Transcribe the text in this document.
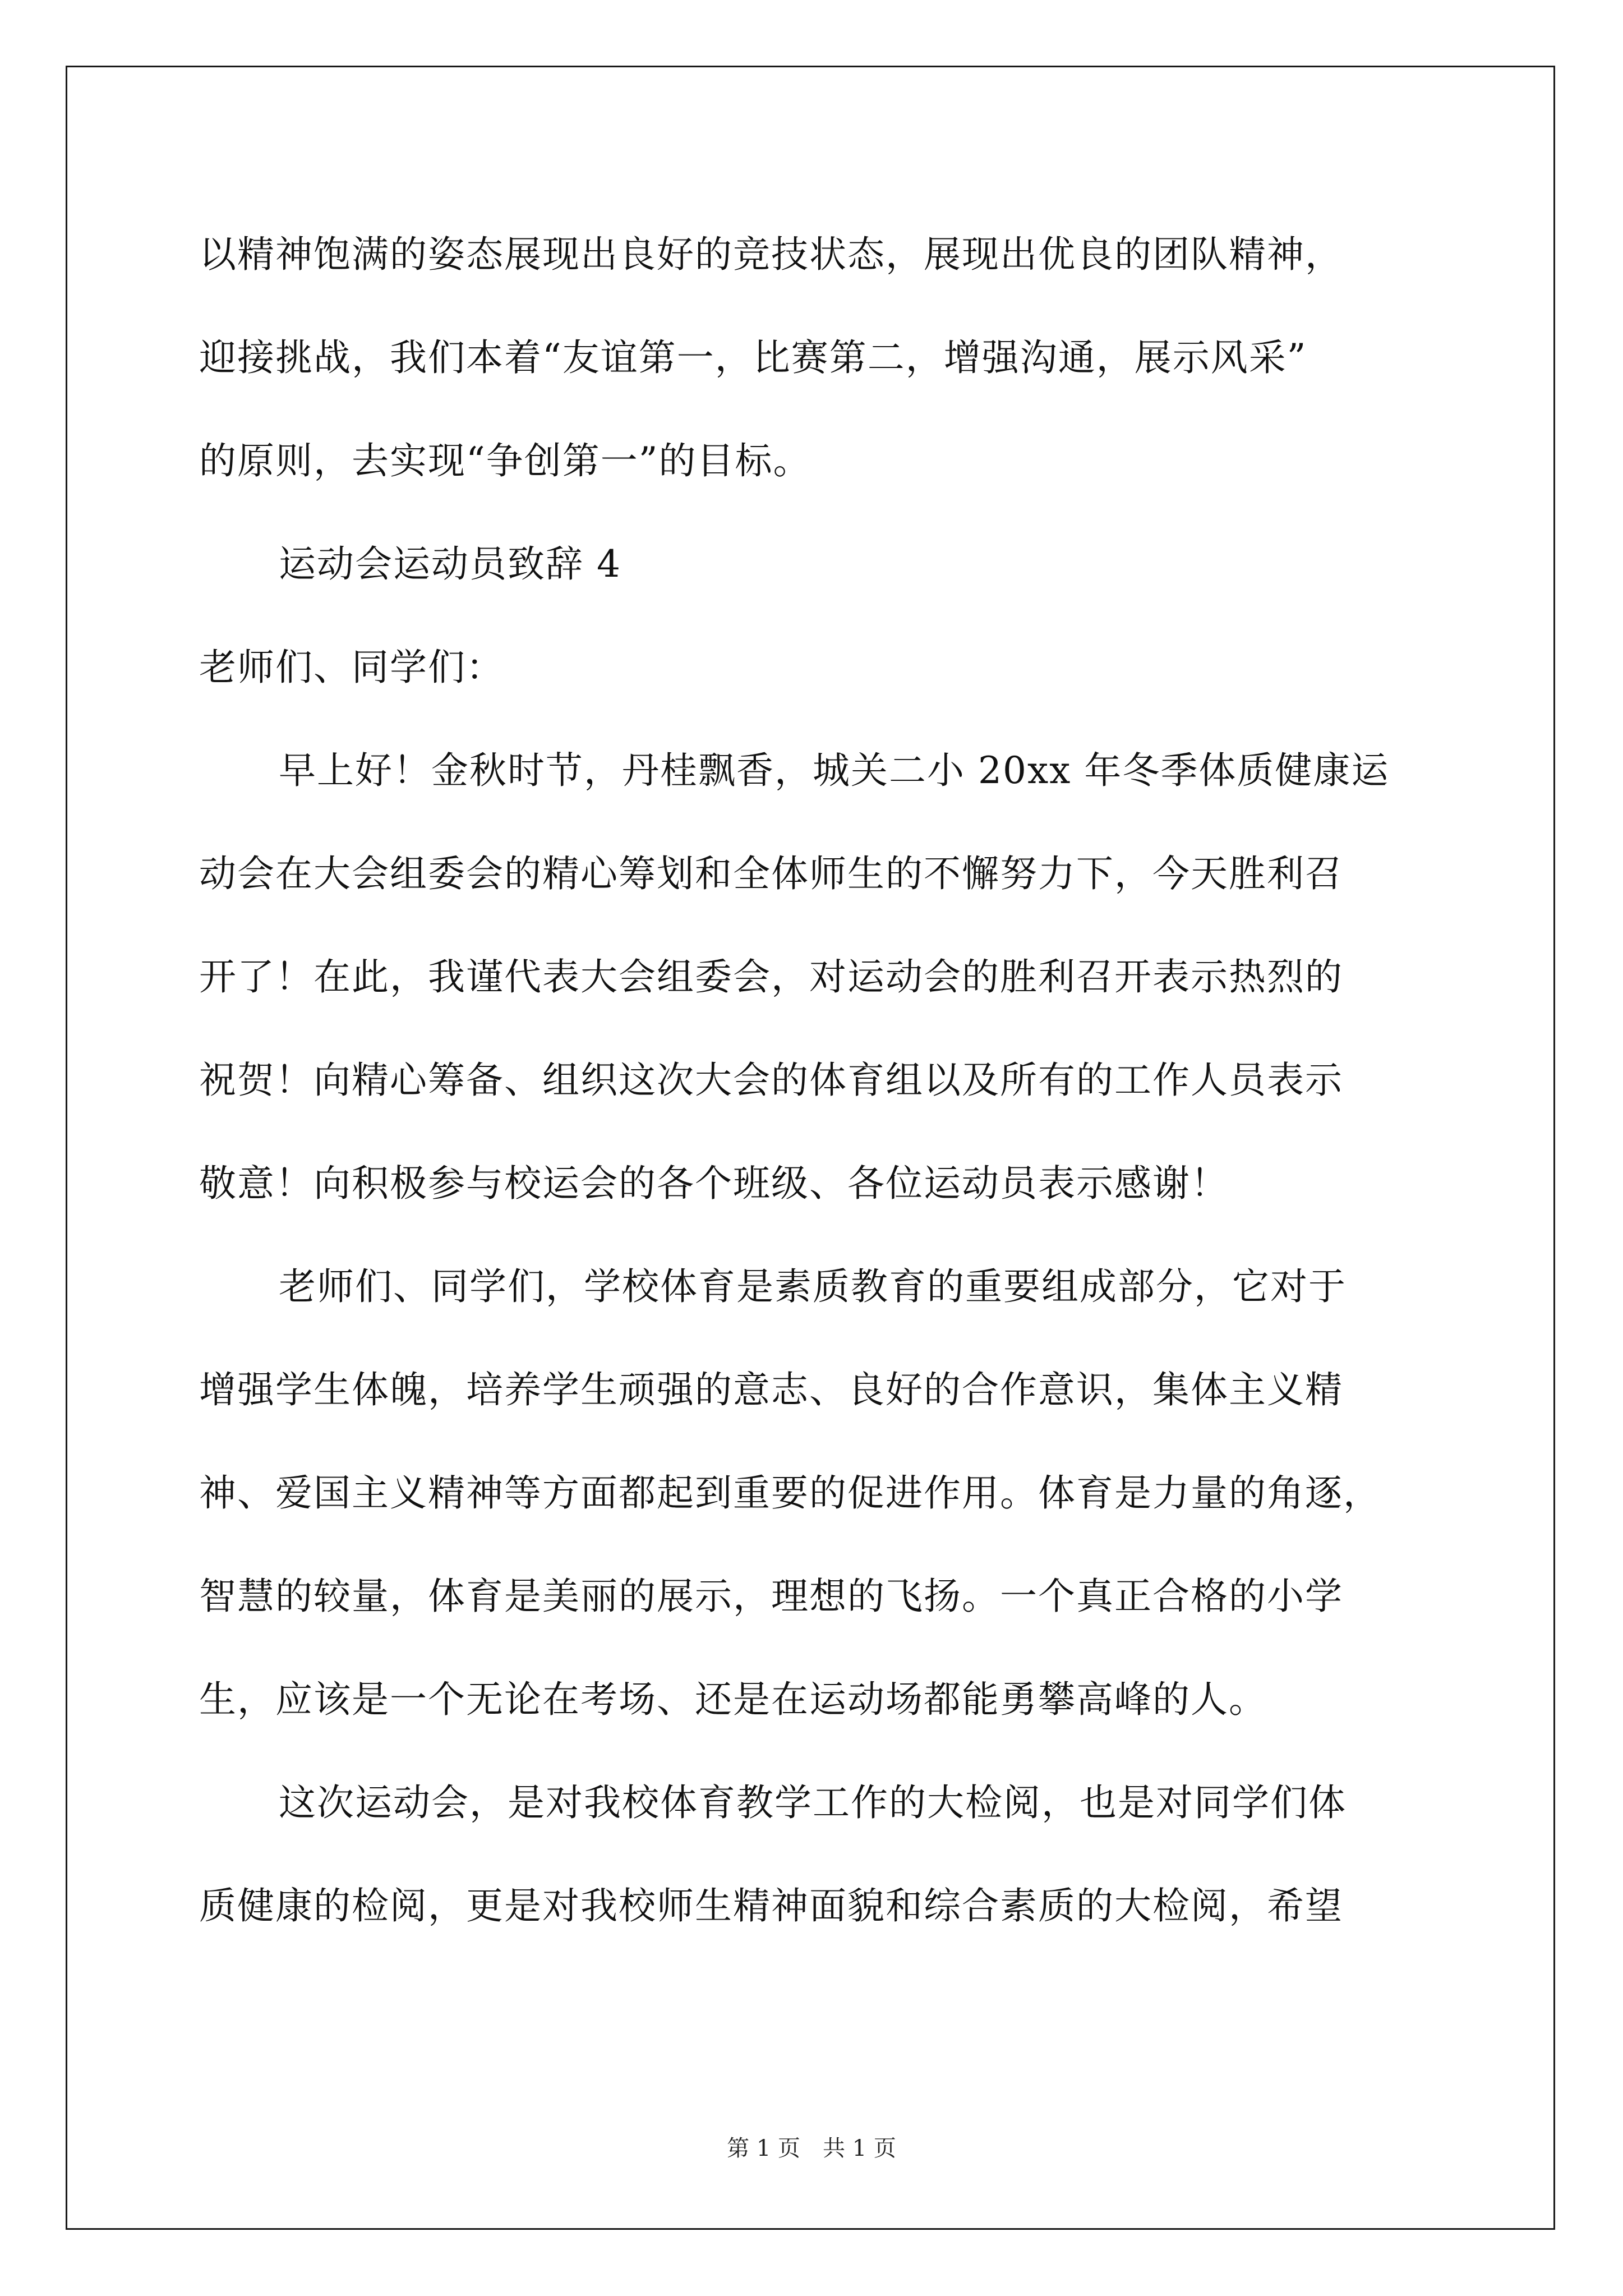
以精神饱满的姿态展现出良好的竞技状态，展现出优良的团队精神，
迎接挑战，我们本着“友谊第一，比赛第二，增强沟通，展示风采”
的原则，去实现“争创第一”的目标。
运动会运动员致辞 4
老师们、同学们：
早上好！金秋时节，丹桂飘香，城关二小 20xx 年冬季体质健康运
动会在大会组委会的精心筹划和全体师生的不懈努力下，今天胜利召
开了！在此，我谨代表大会组委会，对运动会的胜利召开表示热烈的
祝贺！向精心筹备、组织这次大会的体育组以及所有的工作人员表示
敬意！向积极参与校运会的各个班级、各位运动员表示感谢！
老师们、同学们，学校体育是素质教育的重要组成部分，它对于
增强学生体魄，培养学生顽强的意志、良好的合作意识，集体主义精
神、爱国主义精神等方面都起到重要的促进作用。体育是力量的角逐，
智慧的较量，体育是美丽的展示，理想的飞扬。一个真正合格的小学
生，应该是一个无论在考场、还是在运动场都能勇攀高峰的人。
这次运动会，是对我校体育教学工作的大检阅，也是对同学们体
质健康的检阅，更是对我校师生精神面貌和综合素质的大检阅，希望
第 1 页 共 1 页
